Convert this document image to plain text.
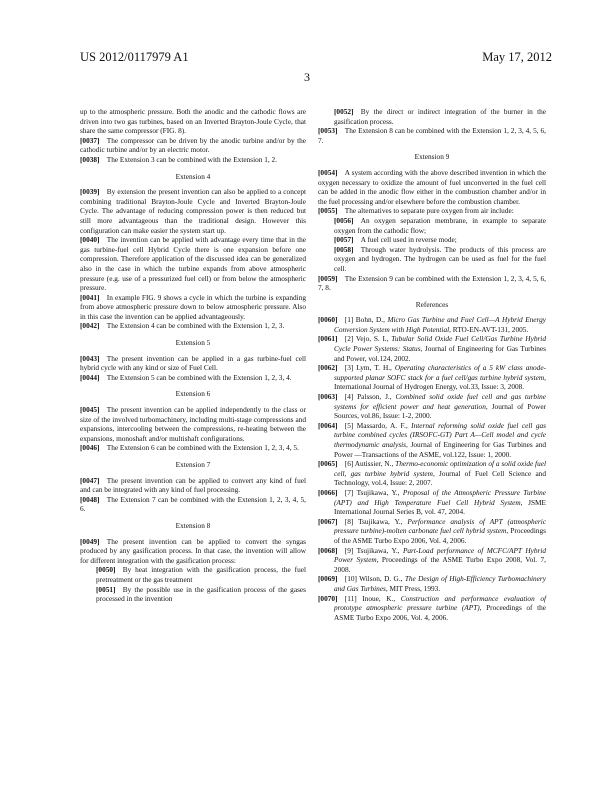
US 2012/0117979 A1	May 17, 2012
3

up to the atmospheric pressure. Both the anodic and the cathodic flows are driven into two gas turbines, based on an Inverted Brayton-Joule Cycle, that share the same compressor (FIG. 8).

[0037]  The compressor can be driven by the anodic turbine and/or by the cathodic turbine and/or by an electric motor.

[0038]  The Extension 3 can be combined with the Extension 1, 2.

Extension 4

[0039]  By extension the present invention can also be applied to a concept combining traditional Brayton-Joule Cycle and Inverted Brayton-Joule Cycle. The advantage of reducing compression power is then reduced but still more advantageous than the traditional design. However this configuration can make easier the system start up.

[0040]  The invention can be applied with advantage every time that in the gas turbine-fuel cell Hybrid Cycle there is one expansion before one compression. Therefore application of the discussed idea can be generalized also in the case in which the turbine expands from above atmospheric pressure (e.g. use of a pressurized fuel cell) or from below the atmospheric pressure.

[0041]  In example FIG. 9 shows a cycle in which the turbine is expanding from above atmospheric pressure down to below atmospheric pressure. Also in this case the invention can be applied advantageously.

[0042]  The Extension 4 can be combined with the Extension 1, 2, 3.

Extension 5

[0043]  The present invention can be applied in a gas turbine-fuel cell hybrid cycle with any kind or size of Fuel Cell.

[0044]  The Extension 5 can be combined with the Extension 1, 2, 3, 4.

Extension 6

[0045]  The present invention can be applied independently to the class or size of the involved turbomachinery, including multi-stage compressions and expansions, intercooling between the compressions, re-heating between the expansions, monoshaft and/or multishaft configurations.

[0046]  The Extension 6 can be combined with the Extension 1, 2, 3, 4, 5.

Extension 7

[0047]  The present invention can be applied to convert any kind of fuel and can be integrated with any kind of fuel processing.

[0048]  The Extension 7 can be combined with the Extension 1, 2, 3, 4, 5, 6.

Extension 8

[0049]  The present invention can be applied to convert the syngas produced by any gasification process. In that case, the invention will allow for different integration with the gasification process:

[0050]  By heat integration with the gasification process, the fuel pretreatment or the gas treatment

[0051]  By the possible use in the gasification process of the gases processed in the invention

[0052]  By the direct or indirect integration of the burner in the gasification process.

[0053]  The Extension 8 can be combined with the Extension 1, 2, 3, 4, 5, 6, 7.

Extension 9

[0054]  A system according with the above described invention in which the oxygen necessary to oxidize the amount of fuel unconverted in the fuel cell can be added in the anodic flow either in the combustion chamber and/or in the fuel processing and/or elsewhere before the combustion chamber.

[0055]  The alternatives to separate pure oxygen from air include:

[0056]  An oxygen separation membrane, in example to separate oxygen from the cathodic flow;

[0057]  A fuel cell used in reverse mode;

[0058]  Through water hydrolysis. The products of this process are oxygen and hydrogen. The hydrogen can be used as fuel for the fuel cell.

[0059]  The Extension 9 can be combined with the Extension 1, 2, 3, 4, 5, 6, 7, 8.

References

[0060]  [1] Bohn, D., Micro Gas Turbine and Fuel Cell—A Hybrid Energy Conversion System with High Potential, RTO-EN-AVT-131, 2005.

[0061]  [2] Vejo, S. I., Tubular Solid Oxide Fuel Cell/Gas Turbine Hybrid Cycle Power Systems: Status, Journal of Engineering for Gas Turbines and Power, vol.124, 2002.

[0062]  [3] Lym, T. H., Operating characteristics of a 5 kW class anode-supported planar SOFC stack for a fuel cell/gas turbine hybrid system, International Journal of Hydrogen Energy, vol.33, Issue: 3, 2008.

[0063]  [4] Palsson, J., Combined solid oxide fuel cell and gas turbine systems for efficient power and heat generation, Journal of Power Sources, vol.86, Issue: 1-2, 2000.

[0064]  [5] Massardo, A. F., Internal reforming solid oxide fuel cell gas turbine combined cycles (IRSOFC-GT) Part A—Cell model and cycle thermodynamic analysis, Journal of Engineering for Gas Turbines and Power —Transactions of the ASME, vol.122, Issue: 1, 2000.

[0065]  [6] Autissier, N., Thermo-economic optimization of a solid oxide fuel cell, gas turbine hybrid system, Journal of Fuel Cell Science and Technology, vol.4, Issue: 2, 2007.

[0066]  [7] Tsujikawa, Y., Proposal of the Atmospheric Pressure Turbine (APT) and High Temperature Fuel Cell Hybrid System, JSME International Journal Series B, vol. 47, 2004.

[0067]  [8] Tsujikawa, Y., Performance analysis of APT (atmospheric pressure turbine)-molten carbonate fuel cell hybrid system, Proceedings of the ASME Turbo Expo 2006, Vol. 4, 2006.

[0068]  [9] Tsujikawa, Y., Part-Load performance of MCFC/APT Hybrid Power System, Proceedings of the ASME Turbo Expo 2008, Vol. 7, 2008.

[0069]  [10] Wilson, D. G., The Design of High-Efficiency Turbomachinery and Gas Turbines, MIT Press, 1993.

[0070]  [11] Inoue, K., Construction and performance evaluation of prototype atmospheric pressure turbine (APT), Proceedings of the ASME Turbo Expo 2006, Vol. 4, 2006.
